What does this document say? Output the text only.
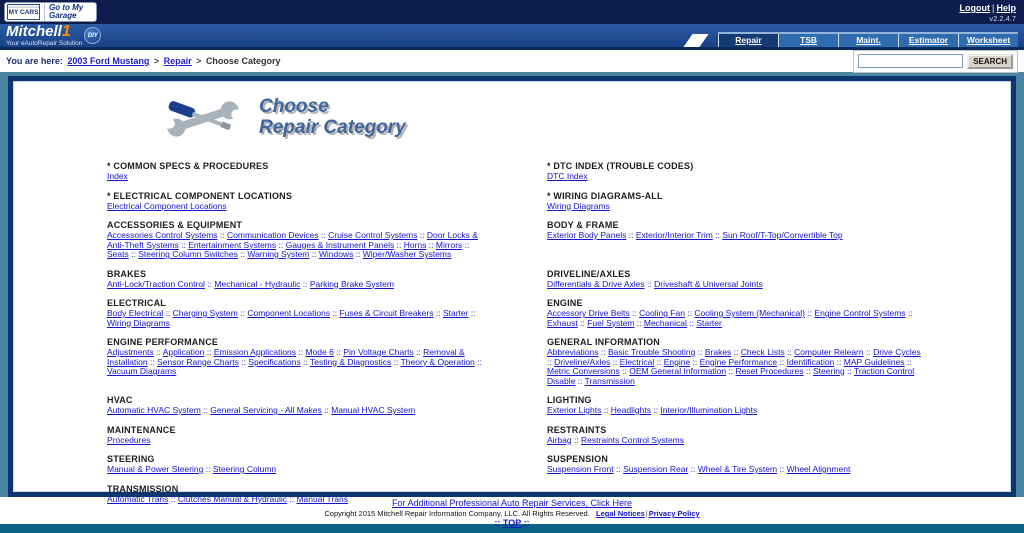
MY CARS
Go to My Garage
Logout | Help
v2.2.4.7
Mitchell1
Your eAutoRepair Solution
DIY	Repair	TSB	Maint.	Estimator	Worksheet
You are here: 2003 Ford Mustang > Repair > Choose Category	SEARCH
Choose
Repair Category
* COMMON SPECS & PROCEDURES
Index
* DTC INDEX (TROUBLE CODES)
DTC Index
* ELECTRICAL COMPONENT LOCATIONS
Electrical Component Locations
* WIRING DIAGRAMS-ALL
Wiring Diagrams
ACCESSORIES & EQUIPMENT
Accessories Control Systems :: Communication Devices :: Cruise Control Systems :: Door Locks & Anti-Theft Systems :: Entertainment Systems :: Gauges & Instrument Panels :: Horns :: Mirrors :: Seats :: Steering Column Switches :: Warning System :: Windows :: Wiper/Washer Systems
BODY & FRAME
Exterior Body Panels :: Exterior/Interior Trim :: Sun Roof/T-Top/Convertible Top
BRAKES
Anti-Lock/Traction Control :: Mechanical - Hydraulic :: Parking Brake System
DRIVELINE/AXLES
Differentials & Drive Axles :: Driveshaft & Universal Joints
ELECTRICAL
Body Electrical :: Charging System :: Component Locations :: Fuses & Circuit Breakers :: Starter :: Wiring Diagrams
ENGINE
Accessory Drive Belts :: Cooling Fan :: Cooling System (Mechanical) :: Engine Control Systems :: Exhaust :: Fuel System :: Mechanical :: Starter
ENGINE PERFORMANCE
Adjustments :: Application :: Emission Applications :: Mode 6 :: Pin Voltage Charts :: Removal & Installation :: Sensor Range Charts :: Specifications :: Testing & Diagnostics :: Theory & Operation :: Vacuum Diagrams
GENERAL INFORMATION
Abbreviations :: Basic Trouble Shooting :: Brakes :: Check Lists :: Computer Relearn :: Drive Cycles :: Driveline/Axles :: Electrical :: Engine :: Engine Performance :: Identification :: MAP Guidelines :: Metric Conversions :: OEM General Information :: Reset Procedures :: Steering :: Traction Control Disable :: Transmission
HVAC
Automatic HVAC System :: General Servicing - All Makes :: Manual HVAC System
LIGHTING
Exterior Lights :: Headlights :: Interior/Illumination Lights
MAINTENANCE
Procedures
RESTRAINTS
Airbag :: Restraints Control Systems
STEERING
Manual & Power Steering :: Steering Column
SUSPENSION
Suspension Front :: Suspension Rear :: Wheel & Tire System :: Wheel Alignment
TRANSMISSION
Automatic Trans :: Clutches Manual & Hydraulic :: Manual Trans	For Additional Professional Auto Repair Services, Click Here
Copyright 2015 Mitchell Repair Information Company, LLC. All Rights Reserved. Legal Notices|Privacy Policy
:: TOP ::
